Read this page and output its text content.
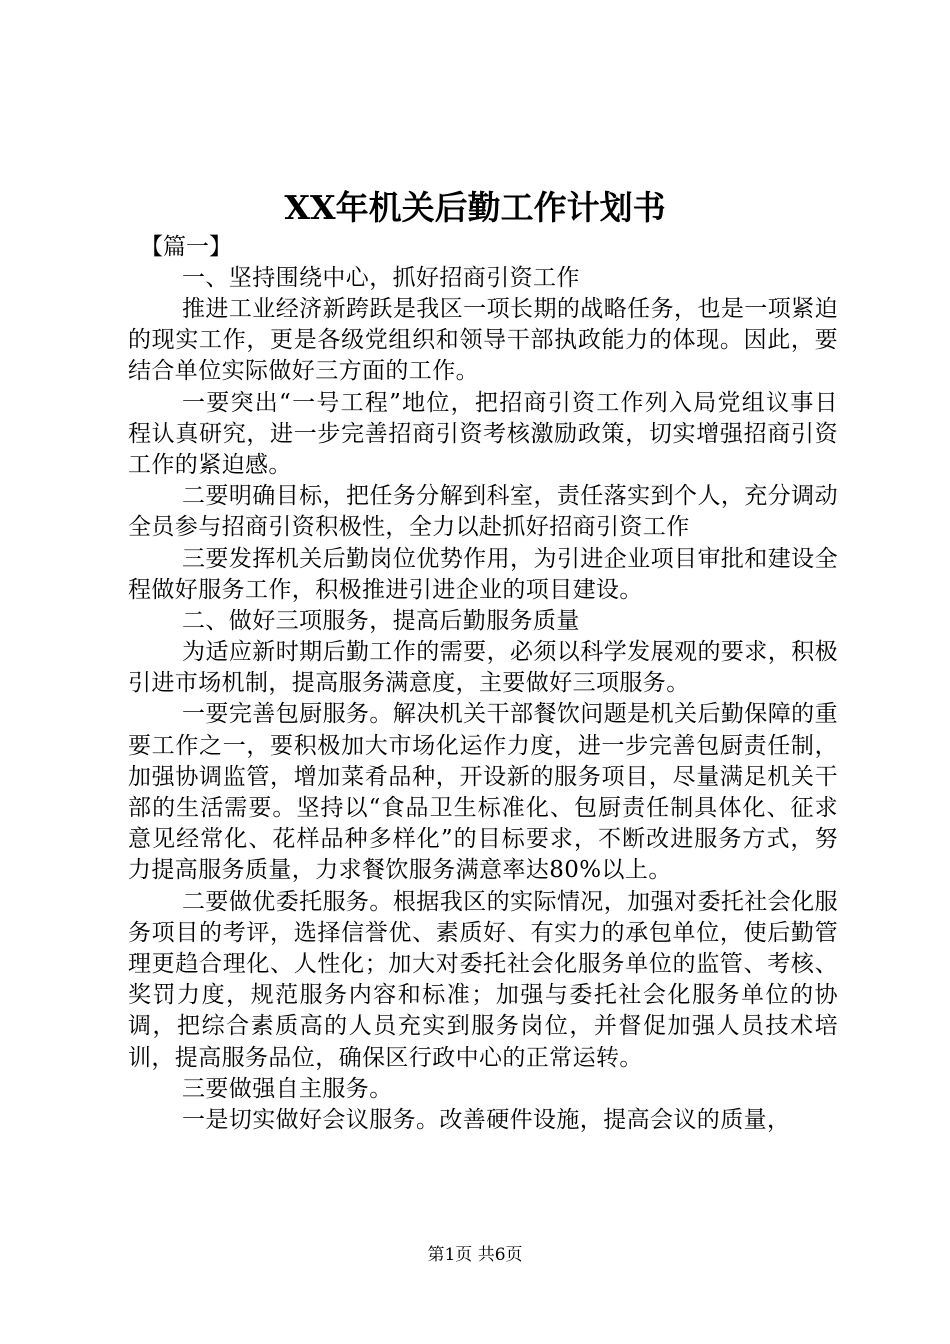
XX年机关后勤工作计划书

【篇一】

一、坚持围绕中心，抓好招商引资工作

推进工业经济新跨跃是我区一项长期的战略任务，也是一项紧迫的现实工作，更是各级党组织和领导干部执政能力的体现。因此，要结合单位实际做好三方面的工作。

一要突出“一号工程”地位，把招商引资工作列入局党组议事日程认真研究，进一步完善招商引资考核激励政策，切实增强招商引资工作的紧迫感。

二要明确目标，把任务分解到科室，责任落实到个人，充分调动全员参与招商引资积极性，全力以赴抓好招商引资工作

三要发挥机关后勤岗位优势作用，为引进企业项目审批和建设全程做好服务工作，积极推进引进企业的项目建设。

二、做好三项服务，提高后勤服务质量

为适应新时期后勤工作的需要，必须以科学发展观的要求，积极引进市场机制，提高服务满意度，主要做好三项服务。

一要完善包厨服务。解决机关干部餐饮问题是机关后勤保障的重要工作之一，要积极加大市场化运作力度，进一步完善包厨责任制，加强协调监管，增加菜肴品种，开设新的服务项目，尽量满足机关干部的生活需要。坚持以“食品卫生标准化、包厨责任制具体化、征求意见经常化、花样品种多样化”的目标要求，不断改进服务方式，努力提高服务质量，力求餐饮服务满意率达80%以上。

二要做优委托服务。根据我区的实际情况，加强对委托社会化服务项目的考评，选择信誉优、素质好、有实力的承包单位，使后勤管理更趋合理化、人性化；加大对委托社会化服务单位的监管、考核、奖罚力度，规范服务内容和标准；加强与委托社会化服务单位的协调，把综合素质高的人员充实到服务岗位，并督促加强人员技术培训，提高服务品位，确保区行政中心的正常运转。

三要做强自主服务。

一是切实做好会议服务。改善硬件设施，提高会议的质量，

第1页 共6页
